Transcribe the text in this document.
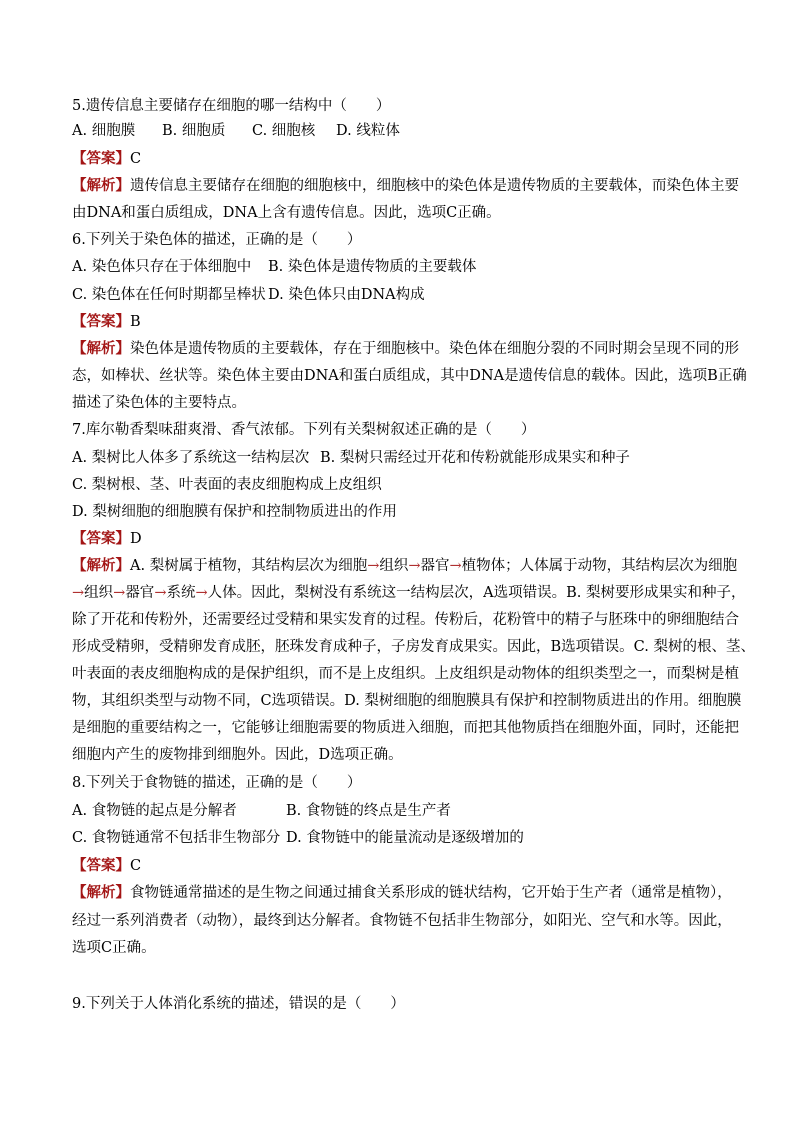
5.遗传信息主要储存在细胞的哪一结构中（　　）
A. 细胞膜 B. 细胞质 C. 细胞核 D. 线粒体
【答案】C
【解析】遗传信息主要储存在细胞的细胞核中，细胞核中的染色体是遗传物质的主要载体，而染色体主要
由DNA和蛋白质组成，DNA上含有遗传信息。因此，选项C正确。
6.下列关于染色体的描述，正确的是（　　）
A. 染色体只存在于体细胞中 B. 染色体是遗传物质的主要载体
C. 染色体在任何时期都呈棒状 D. 染色体只由DNA构成
【答案】B
【解析】染色体是遗传物质的主要载体，存在于细胞核中。染色体在细胞分裂的不同时期会呈现不同的形
态，如棒状、丝状等。染色体主要由DNA和蛋白质组成，其中DNA是遗传信息的载体。因此，选项B正确
描述了染色体的主要特点。
7.库尔勒香梨味甜爽滑、香气浓郁。下列有关梨树叙述正确的是（　　）
A. 梨树比人体多了系统这一结构层次 B. 梨树只需经过开花和传粉就能形成果实和种子
C. 梨树根、茎、叶表面的表皮细胞构成上皮组织
D. 梨树细胞的细胞膜有保护和控制物质进出的作用
【答案】D
【解析】A. 梨树属于植物，其结构层次为细胞→组织→器官→植物体；人体属于动物，其结构层次为细胞
→组织→器官→系统→人体。因此，梨树没有系统这一结构层次，A选项错误。B. 梨树要形成果实和种子，
除了开花和传粉外，还需要经过受精和果实发育的过程。传粉后，花粉管中的精子与胚珠中的卵细胞结合
形成受精卵，受精卵发育成胚，胚珠发育成种子，子房发育成果实。因此，B选项错误。C. 梨树的根、茎、
叶表面的表皮细胞构成的是保护组织，而不是上皮组织。上皮组织是动物体的组织类型之一，而梨树是植
物，其组织类型与动物不同，C选项错误。D. 梨树细胞的细胞膜具有保护和控制物质进出的作用。细胞膜
是细胞的重要结构之一，它能够让细胞需要的物质进入细胞，而把其他物质挡在细胞外面，同时，还能把
细胞内产生的废物排到细胞外。因此，D选项正确。
8.下列关于食物链的描述，正确的是（　　）
A. 食物链的起点是分解者	B. 食物链的终点是生产者
C. 食物链通常不包括非生物部分 D. 食物链中的能量流动是逐级增加的
【答案】C
【解析】食物链通常描述的是生物之间通过捕食关系形成的链状结构，它开始于生产者（通常是植物），
经过一系列消费者（动物），最终到达分解者。食物链不包括非生物部分，如阳光、空气和水等。因此，
选项C正确。
9.下列关于人体消化系统的描述，错误的是（　　）
